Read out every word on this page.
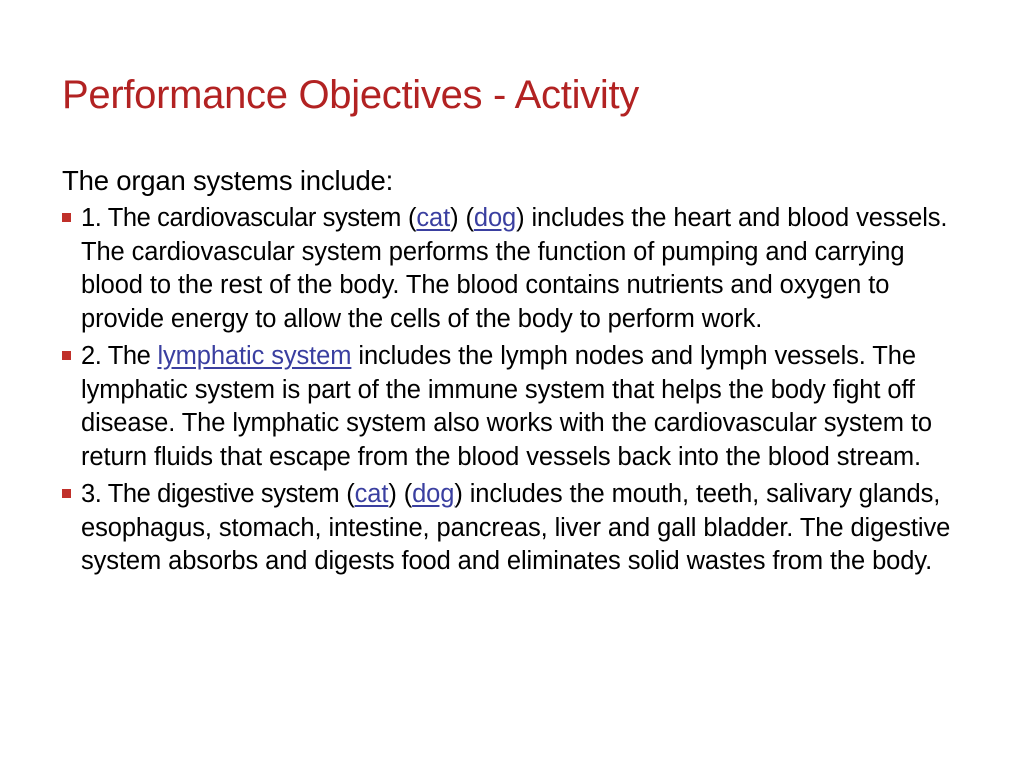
Performance Objectives - Activity

The organ systems include:

1. The cardiovascular system (cat) (dog) includes the heart and blood vessels. The cardiovascular system performs the function of pumping and carrying blood to the rest of the body. The blood contains nutrients and oxygen to provide energy to allow the cells of the body to perform work.
2. The lymphatic system includes the lymph nodes and lymph vessels. The lymphatic system is part of the immune system that helps the body fight off disease. The lymphatic system also works with the cardiovascular system to return fluids that escape from the blood vessels back into the blood stream.
3. The digestive system (cat) (dog) includes the mouth, teeth, salivary glands, esophagus, stomach, intestine, pancreas, liver and gall bladder. The digestive system absorbs and digests food and eliminates solid wastes from the body.
